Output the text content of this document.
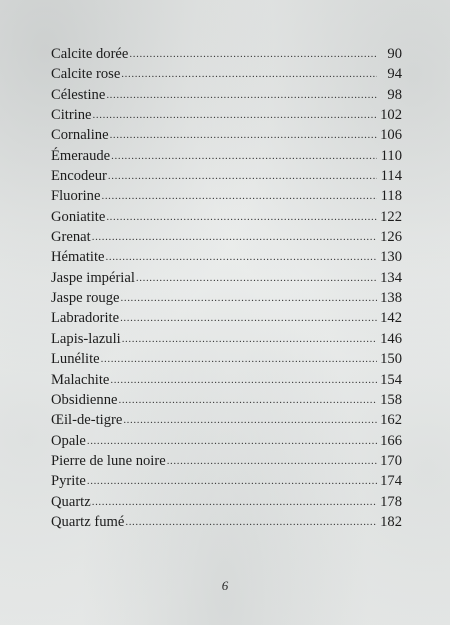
Calcite dorée .....	90
Calcite rose .....	94
Célestine .....	98
Citrine .....	102
Cornaline .....	106
Émeraude .....	110
Encodeur .....	114
Fluorine .....	118
Goniatite .....	122
Grenat .....	126
Hématite .....	130
Jaspe impérial .....	134
Jaspe rouge .....	138
Labradorite .....	142
Lapis-lazuli .....	146
Lunélite .....	150
Malachite .....	154
Obsidienne .....	158
Œil-de-tigre .....	162
Opale .....	166
Pierre de lune noire .....	170
Pyrite .....	174
Quartz .....	178
Quartz fumé .....	182
6
